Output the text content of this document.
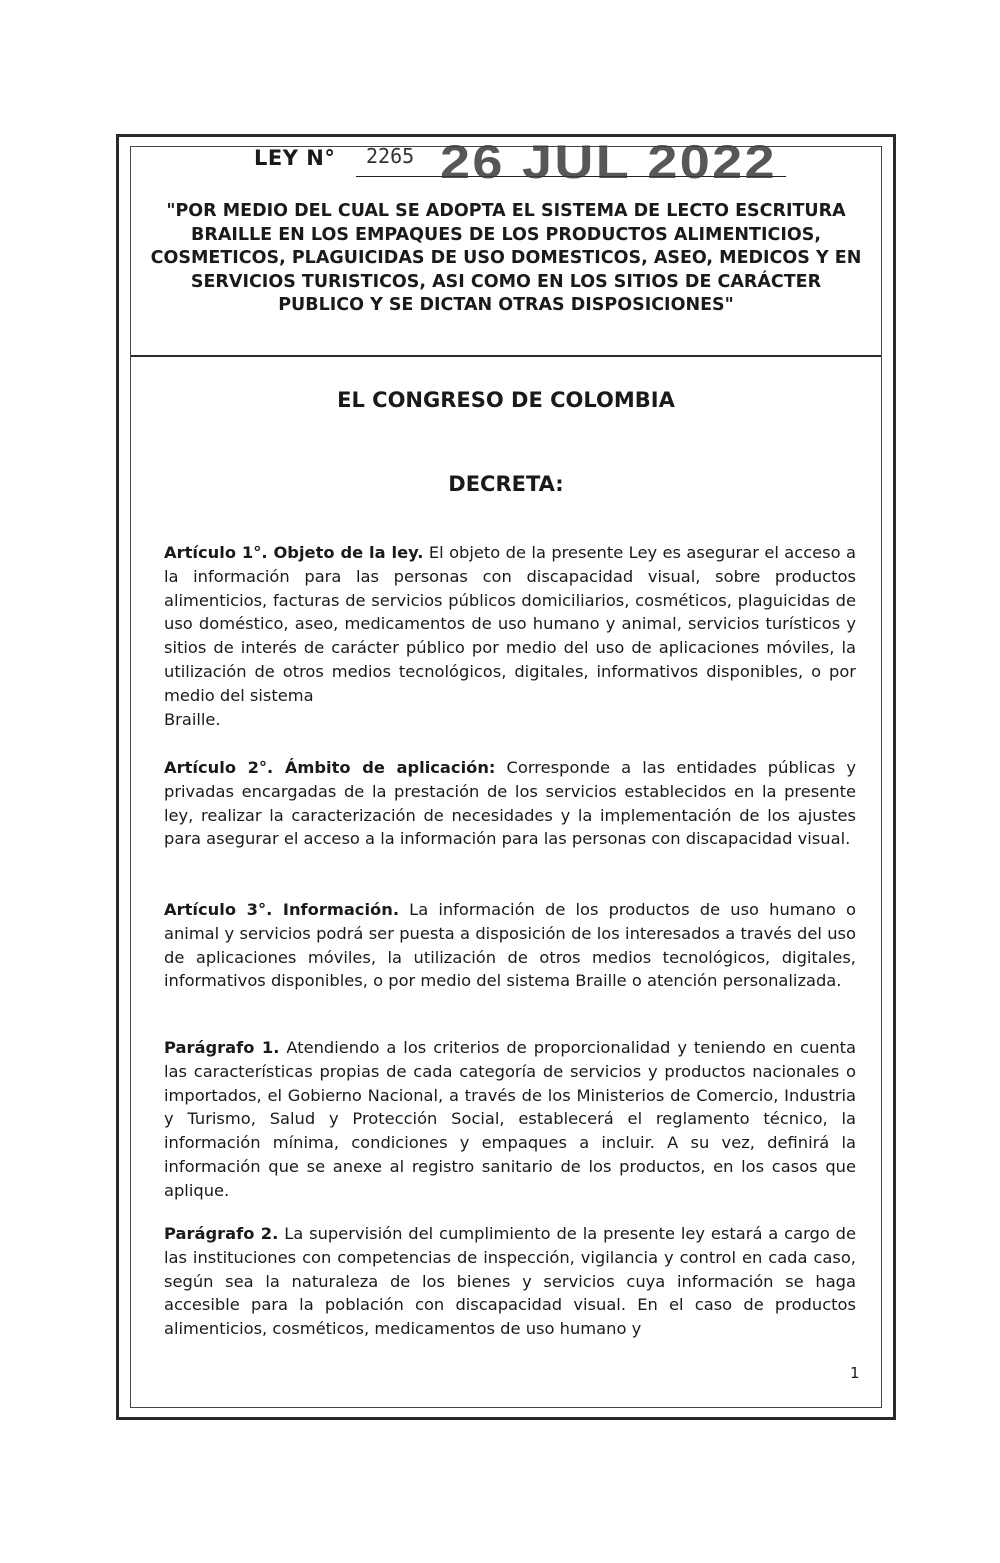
LEY N° 2265 26 JUL 2022
"POR MEDIO DEL CUAL SE ADOPTA EL SISTEMA DE LECTO ESCRITURA BRAILLE EN LOS EMPAQUES DE LOS PRODUCTOS ALIMENTICIOS, COSMETICOS, PLAGUICIDAS DE USO DOMESTICOS, ASEO, MEDICOS Y EN SERVICIOS TURISTICOS, ASI COMO EN LOS SITIOS DE CARÁCTER PUBLICO Y SE DICTAN OTRAS DISPOSICIONES"
EL CONGRESO DE COLOMBIA
DECRETA:

Artículo 1°. Objeto de la ley. El objeto de la presente Ley es asegurar el acceso a la información para las personas con discapacidad visual, sobre productos alimenticios, facturas de servicios públicos domiciliarios, cosméticos, plaguicidas de uso doméstico, aseo, medicamentos de uso humano y animal, servicios turísticos y sitios de interés de carácter público por medio del uso de aplicaciones móviles, la utilización de otros medios tecnológicos, digitales, informativos disponibles, o por medio del sistema
Braille.

Artículo 2°. Ámbito de aplicación: Corresponde a las entidades públicas y privadas encargadas de la prestación de los servicios establecidos en la presente ley, realizar la caracterización de necesidades y la implementación de los ajustes para asegurar el acceso a la información para las personas con discapacidad visual.

Artículo 3°. Información. La información de los productos de uso humano o animal y servicios podrá ser puesta a disposición de los interesados a través del uso de aplicaciones móviles, la utilización de otros medios tecnológicos, digitales, informativos disponibles, o por medio del sistema Braille o atención personalizada.

Parágrafo 1. Atendiendo a los criterios de proporcionalidad y teniendo en cuenta las características propias de cada categoría de servicios y productos nacionales o importados, el Gobierno Nacional, a través de los Ministerios de Comercio, Industria y Turismo, Salud y Protección Social, establecerá el reglamento técnico, la información mínima, condiciones y empaques a incluir. A su vez, definirá la información que se anexe al registro sanitario de los productos, en los casos que aplique.

Parágrafo 2. La supervisión del cumplimiento de la presente ley estará a cargo de las instituciones con competencias de inspección, vigilancia y control en cada caso, según sea la naturaleza de los bienes y servicios cuya información se haga accesible para la población con discapacidad visual. En el caso de productos alimenticios, cosméticos, medicamentos de uso humano y

1
